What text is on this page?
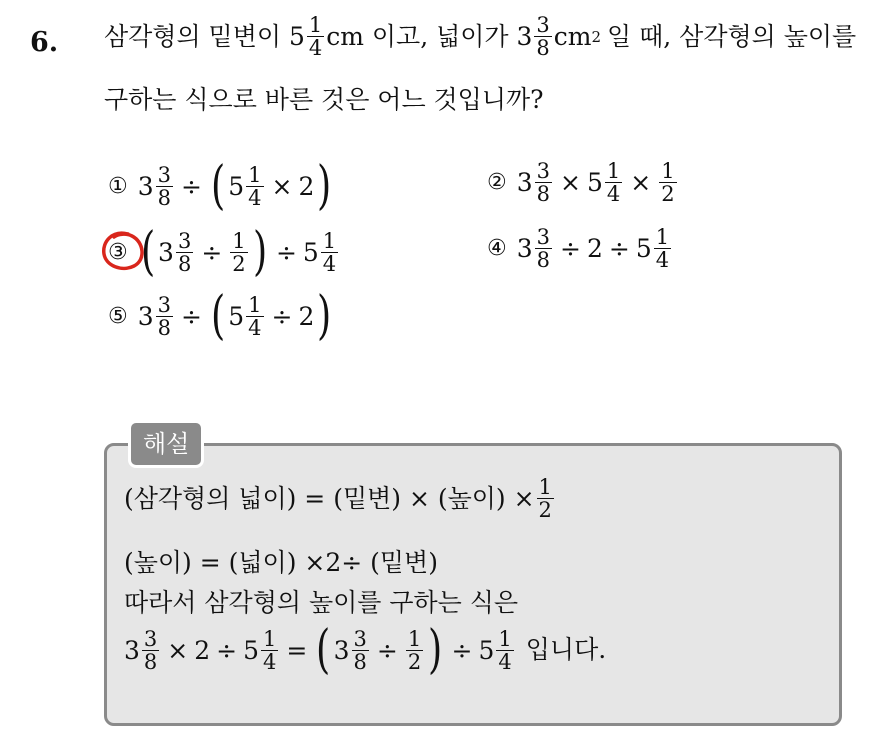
6. 삼각형의 밑변이 $5 \frac{1}{4}$ cm 이고, 넓이가 $3 \frac{3}{8}$ cm 2 일 때, 삼각형의 높이를
구하는 식으로 바른 것은 어느 것입니까?
① $3 \frac{3}{8}$ ÷ ( $5 \frac{1}{4} \times 2$ )	② $3 \frac{3}{8} \times 5 \frac{1}{4} \times \frac{1}{2}$
③ ( $3 \frac{3}{8} \div \frac{1}{2}$ ) ÷ $5 \frac{1}{4}$	④ $3 \frac{3}{8} \div 2 \div 5 \frac{1}{4}$
⑤ $3 \frac{3}{8}$ ÷ ( $5 \frac{1}{4} \div 2$ )
해설
(삼각형의 넓이) = (밑변) × (높이) × $\frac{1}{2}$
(높이) = (넓이) ×2÷ (밑변)
따라서 삼각형의 높이를 구하는 식은
$3 \frac{3}{8} \times 2 \div 5 \frac{1}{4}$ = ( $3 \frac{3}{8} \div \frac{1}{2}$ ) ÷ $5 \frac{1}{4}$ 입니다.
